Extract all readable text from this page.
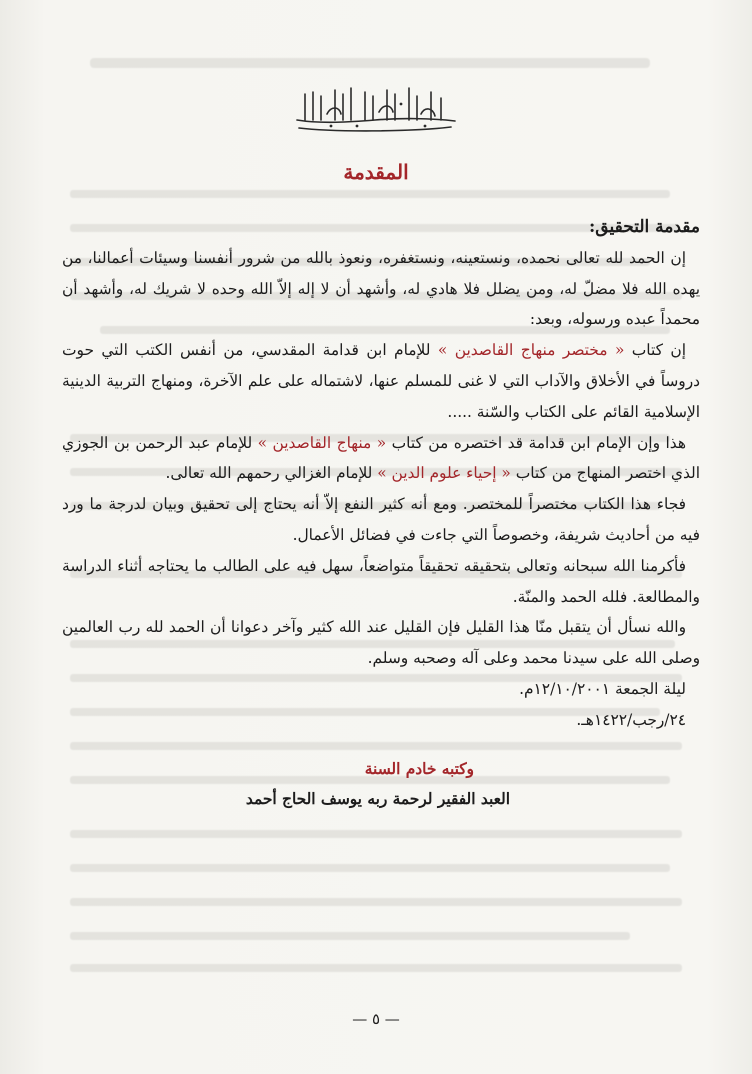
المقدمة

مقدمة التحقيق:

إن الحمد لله تعالى نحمده، ونستعينه، ونستغفره، ونعوذ بالله من شرور أنفسنا وسيئات أعمالنا، من يهده الله فلا مضلّ له، ومن يضلل فلا هادي له، وأشهد أن لا إله إلاّ الله وحده لا شريك له، وأشهد أن محمداً عبده ورسوله، وبعد:

إن كتاب « مختصر منهاج القاصدين » للإمام ابن قدامة المقدسي، من أنفس الكتب التي حوت دروساً في الأخلاق والآداب التي لا غنى للمسلم عنها، لاشتماله على علم الآخرة، ومنهاج التربية الدينية الإسلامية القائم على الكتاب والسّنة .....

هذا وإن الإمام ابن قدامة قد اختصره من كتاب « منهاج القاصدين » للإمام عبد الرحمن بن الجوزي الذي اختصر المنهاج من كتاب « إحياء علوم الدين » للإمام الغزالي رحمهم الله تعالى.

فجاء هذا الكتاب مختصراً للمختصر. ومع أنه كثير النفع إلاّ أنه يحتاج إلى تحقيق وبيان لدرجة ما ورد فيه من أحاديث شريفة، وخصوصاً التي جاءت في فضائل الأعمال.

فأكرمنا الله سبحانه وتعالى بتحقيقه تحقيقاً متواضعاً، سهل فيه على الطالب ما يحتاجه أثناء الدراسة والمطالعة. فلله الحمد والمنّة.

والله نسأل أن يتقبل منّا هذا القليل فإن القليل عند الله كثير وآخر دعوانا أن الحمد لله رب العالمين وصلى الله على سيدنا محمد وعلى آله وصحبه وسلم.

ليلة الجمعة ١٢/١٠/٢٠٠١م.

٢٤/رجب/١٤٢٢هـ.

وكتبه خادم السنة
العبد الفقير لرحمة ربه يوسف الحاج أحمد

— ٥ —
